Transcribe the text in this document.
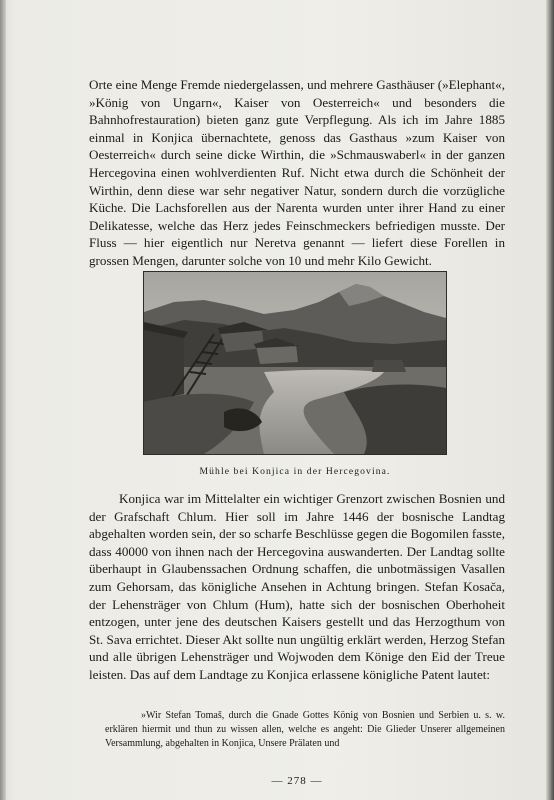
Orte eine Menge Fremde niedergelassen, und mehrere Gasthäuser (»Elephant«, »König von Ungarn«, Kaiser von Oesterreich« und besonders die Bahnhofrestauration) bieten ganz gute Verpflegung. Als ich im Jahre 1885 einmal in Konjica übernachtete, genoss das Gasthaus »zum Kaiser von Oesterreich« durch seine dicke Wirthin, die »Schmauswaberl« in der ganzen Hercegovina einen wohlverdienten Ruf. Nicht etwa durch die Schönheit der Wirthin, denn diese war sehr negativer Natur, sondern durch die vorzügliche Küche. Die Lachsforellen aus der Narenta wurden unter ihrer Hand zu einer Delikatesse, welche das Herz jedes Feinschmeckers befriedigen musste. Der Fluss — hier eigentlich nur Neretva genannt — liefert diese Forellen in grossen Mengen, darunter solche von 10 und mehr Kilo Gewicht.

Mühle bei Konjica in der Hercegovina.

Konjica war im Mittelalter ein wichtiger Grenzort zwischen Bosnien und der Grafschaft Chlum. Hier soll im Jahre 1446 der bosnische Landtag abgehalten worden sein, der so scharfe Beschlüsse gegen die Bogomilen fasste, dass 40000 von ihnen nach der Hercegovina auswanderten. Der Landtag sollte überhaupt in Glaubenssachen Ordnung schaffen, die unbotmässigen Vasallen zum Gehorsam, das königliche Ansehen in Achtung bringen. Stefan Kosača, der Lehensträger von Chlum (Hum), hatte sich der bosnischen Oberhoheit entzogen, unter jene des deutschen Kaisers gestellt und das Herzogthum von St. Sava errichtet. Dieser Akt sollte nun ungültig erklärt werden, Herzog Stefan und alle übrigen Lehensträger und Wojwoden dem Könige den Eid der Treue leisten. Das auf dem Landtage zu Konjica erlassene königliche Patent lautet:

»Wir Stefan Tomaš, durch die Gnade Gottes König von Bosnien und Serbien u. s. w. erklären hiermit und thun zu wissen allen, welche es angeht: Die Glieder Unserer allgemeinen Versammlung, abgehalten in Konjica, Unsere Prälaten und

— 278 —
